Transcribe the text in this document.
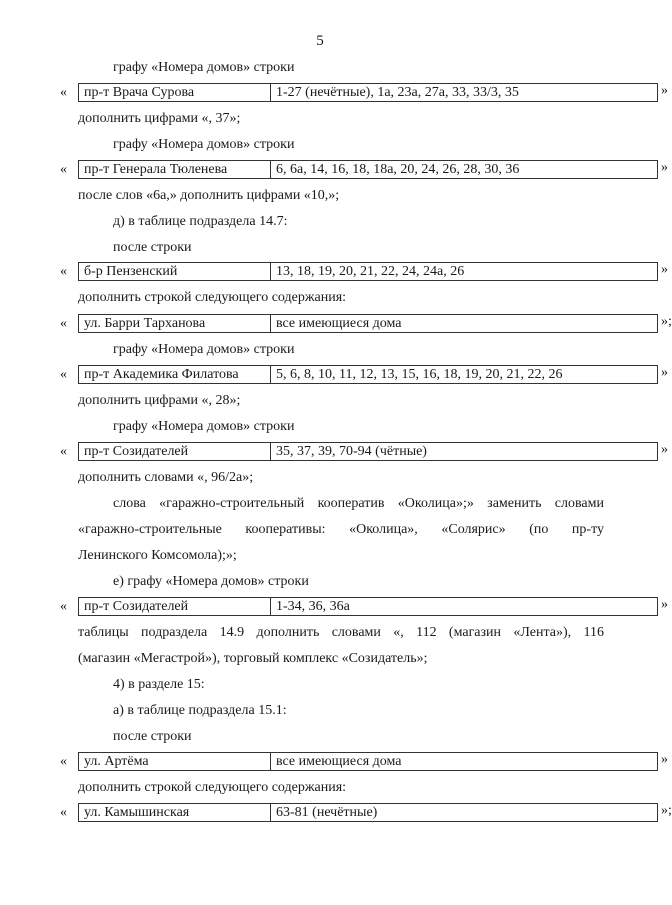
5
графу «Номера домов» строки
«	пр-т Врача Сурова	1-27 (нечётные), 1а, 23а, 27а, 33, 33/3, 35	»
дополнить цифрами «, 37»;
графу «Номера домов» строки
«	пр-т Генерала Тюленева	6, 6а, 14, 16, 18, 18а, 20, 24, 26, 28, 30, 36	»
после слов «6а,» дополнить цифрами «10,»;
д) в таблице подраздела 14.7:
после строки
«	б-р Пензенский	13, 18, 19, 20, 21, 22, 24, 24а, 26	»
дополнить строкой следующего содержания:
«	ул. Барри Тарханова	все имеющиеся дома	»;
графу «Номера домов» строки
«	пр-т Академика Филатова	5, 6, 8, 10, 11, 12, 13, 15, 16, 18, 19, 20, 21, 22, 26	»
дополнить цифрами «, 28»;
графу «Номера домов» строки
«	пр-т Созидателей	35, 37, 39, 70-94 (чётные)	»
дополнить словами «, 96/2а»;
слова «гаражно-строительный кооператив «Околица»;» заменить словами
«гаражно-строительные кооперативы: «Околица», «Солярис» (по пр-ту
Ленинского Комсомола);»;
е) графу «Номера домов» строки
«	пр-т Созидателей	1-34, 36, 36а	»
таблицы подраздела 14.9 дополнить словами «, 112 (магазин «Лента»), 116
(магазин «Мегастрой»), торговый комплекс «Созидатель»;
4) в разделе 15:
а) в таблице подраздела 15.1:
после строки
«	ул. Артёма	все имеющиеся дома	»
дополнить строкой следующего содержания:
«	ул. Камышинская	63-81 (нечётные)	»;
